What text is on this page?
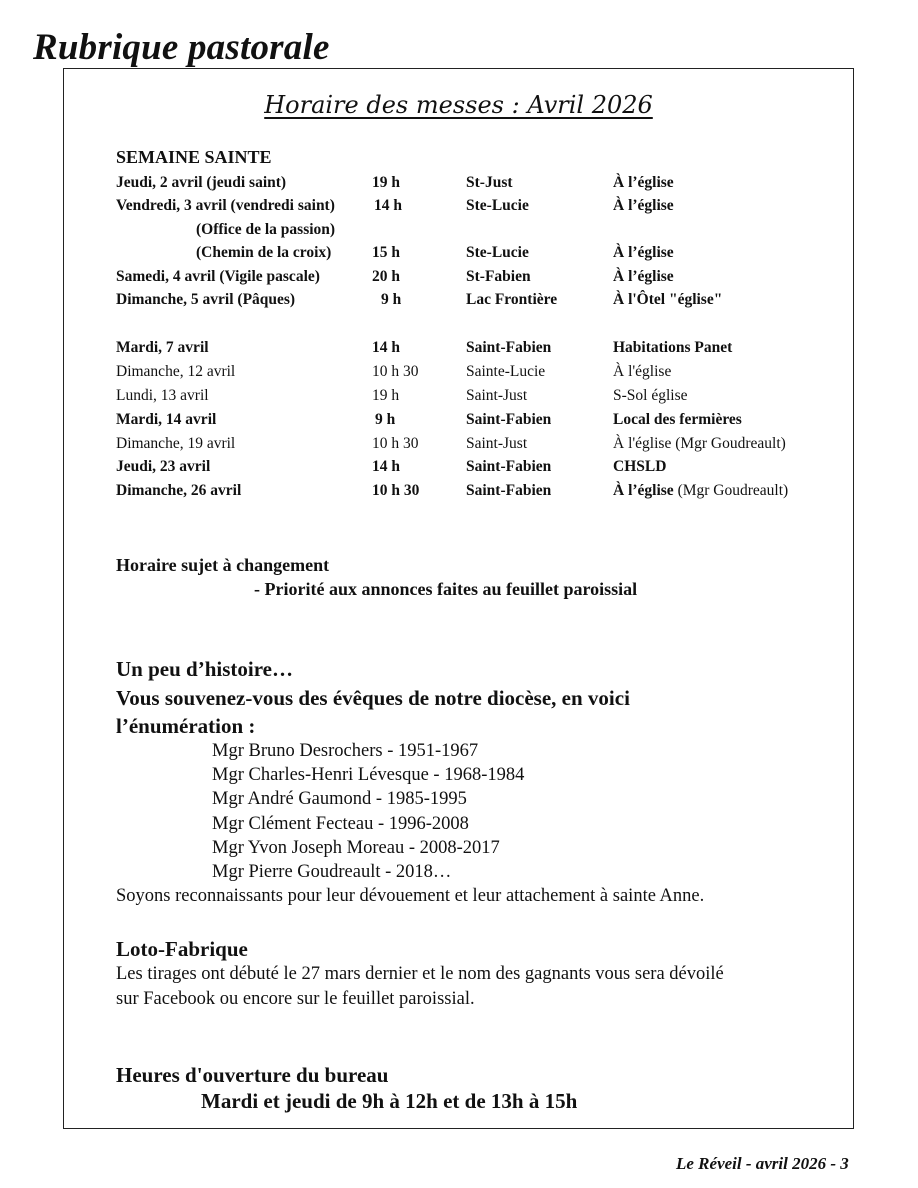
Rubrique pastorale
Horaire des messes : Avril 2026
SEMAINE SAINTE
Jeudi, 2 avril (jeudi saint)	19 h	St-Just	À l’église
Vendredi, 3 avril (vendredi saint)	14 h	Ste-Lucie	À l’église
(Office de la passion)
(Chemin de la croix)	15 h	Ste-Lucie	À l’église
Samedi, 4 avril (Vigile pascale)	20 h	St-Fabien	À l’église
Dimanche, 5 avril (Pâques)	9 h	Lac Frontière	À l'Ôtel "église"
Mardi, 7 avril	14 h	Saint-Fabien	Habitations Panet
Dimanche, 12 avril	10 h 30	Sainte-Lucie	À l'église
Lundi, 13 avril	19 h	Saint-Just	S-Sol église
Mardi, 14 avril	9 h	Saint-Fabien	Local des fermières
Dimanche, 19 avril	10 h 30	Saint-Just	À l'église (Mgr Goudreault)
Jeudi, 23 avril	14 h	Saint-Fabien	CHSLD
Dimanche, 26 avril	10 h 30	Saint-Fabien	À l’église (Mgr Goudreault)
Horaire sujet à changement
- Priorité aux annonces faites au feuillet paroissial
Un peu d’histoire…
Vous souvenez-vous des évêques de notre diocèse, en voici
l’énumération :
Mgr Bruno Desrochers - 1951-1967
Mgr Charles-Henri Lévesque - 1968-1984
Mgr André Gaumond - 1985-1995
Mgr Clément Fecteau - 1996-2008
Mgr Yvon Joseph Moreau - 2008-2017
Mgr Pierre Goudreault - 2018…
Soyons reconnaissants pour leur dévouement et leur attachement à sainte Anne.
Loto-Fabrique
Les tirages ont débuté le 27 mars dernier et le nom des gagnants vous sera dévoilé
sur Facebook ou encore sur le feuillet paroissial.
Heures d'ouverture du bureau
Mardi et jeudi de 9h à 12h et de 13h à 15h
Le Réveil - avril 2026 - 3
